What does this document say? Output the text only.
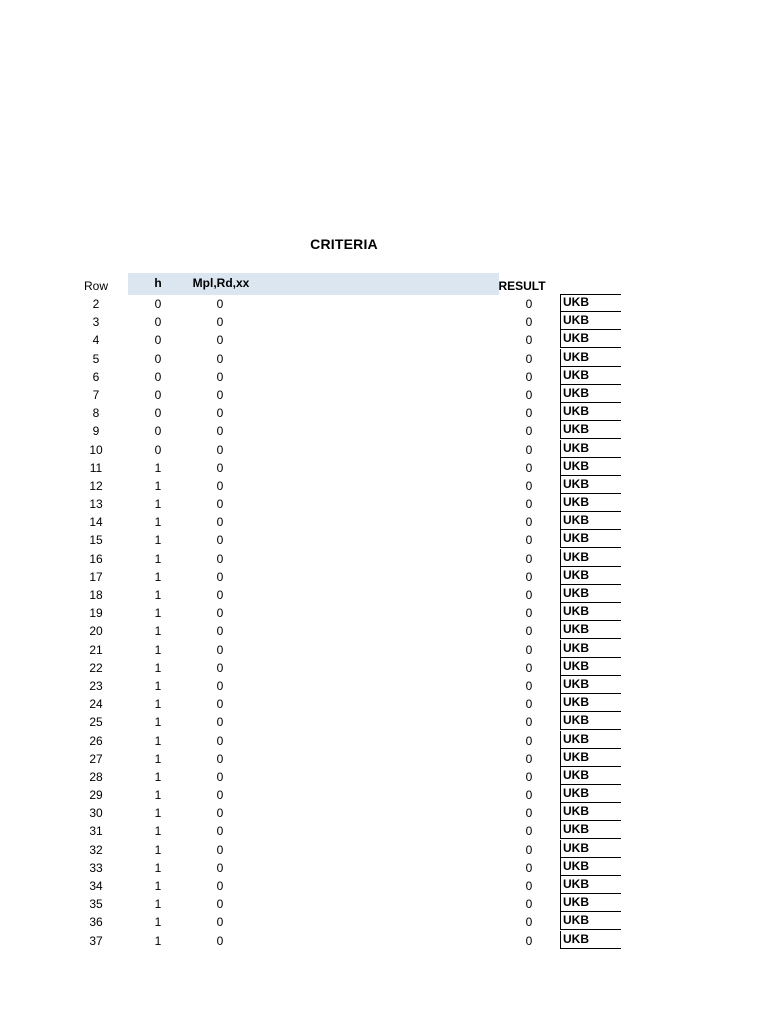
CRITERIA
Row	h	Mpl,Rd,xx	RESULT
2	0	0	0	UKB
3	0	0	0	UKB
4	0	0	0	UKB
5	0	0	0	UKB
6	0	0	0	UKB
7	0	0	0	UKB
8	0	0	0	UKB
9	0	0	0	UKB
10	0	0	0	UKB
11	1	0	0	UKB
12	1	0	0	UKB
13	1	0	0	UKB
14	1	0	0	UKB
15	1	0	0	UKB
16	1	0	0	UKB
17	1	0	0	UKB
18	1	0	0	UKB
19	1	0	0	UKB
20	1	0	0	UKB
21	1	0	0	UKB
22	1	0	0	UKB
23	1	0	0	UKB
24	1	0	0	UKB
25	1	0	0	UKB
26	1	0	0	UKB
27	1	0	0	UKB
28	1	0	0	UKB
29	1	0	0	UKB
30	1	0	0	UKB
31	1	0	0	UKB
32	1	0	0	UKB
33	1	0	0	UKB
34	1	0	0	UKB
35	1	0	0	UKB
36	1	0	0	UKB
37	1	0	0	UKB
